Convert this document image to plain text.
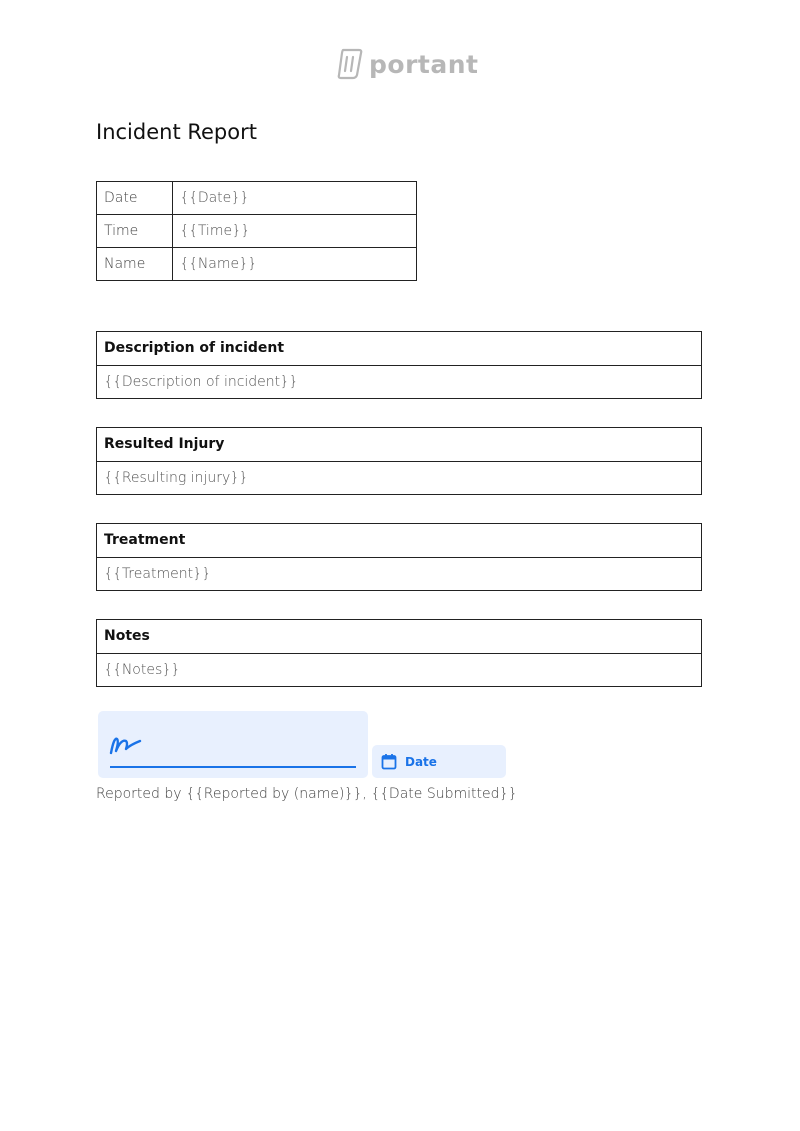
portant
Incident Report
Date	{{Date}}
Time	{{Time}}
Name	{{Name}}
Description of incident
{{Description of incident}}
Resulted Injury
{{Resulting injury}}
Treatment
{{Treatment}}
Notes
{{Notes}}
Date
Reported by {{Reported by (name)}}, {{Date Submitted}}
